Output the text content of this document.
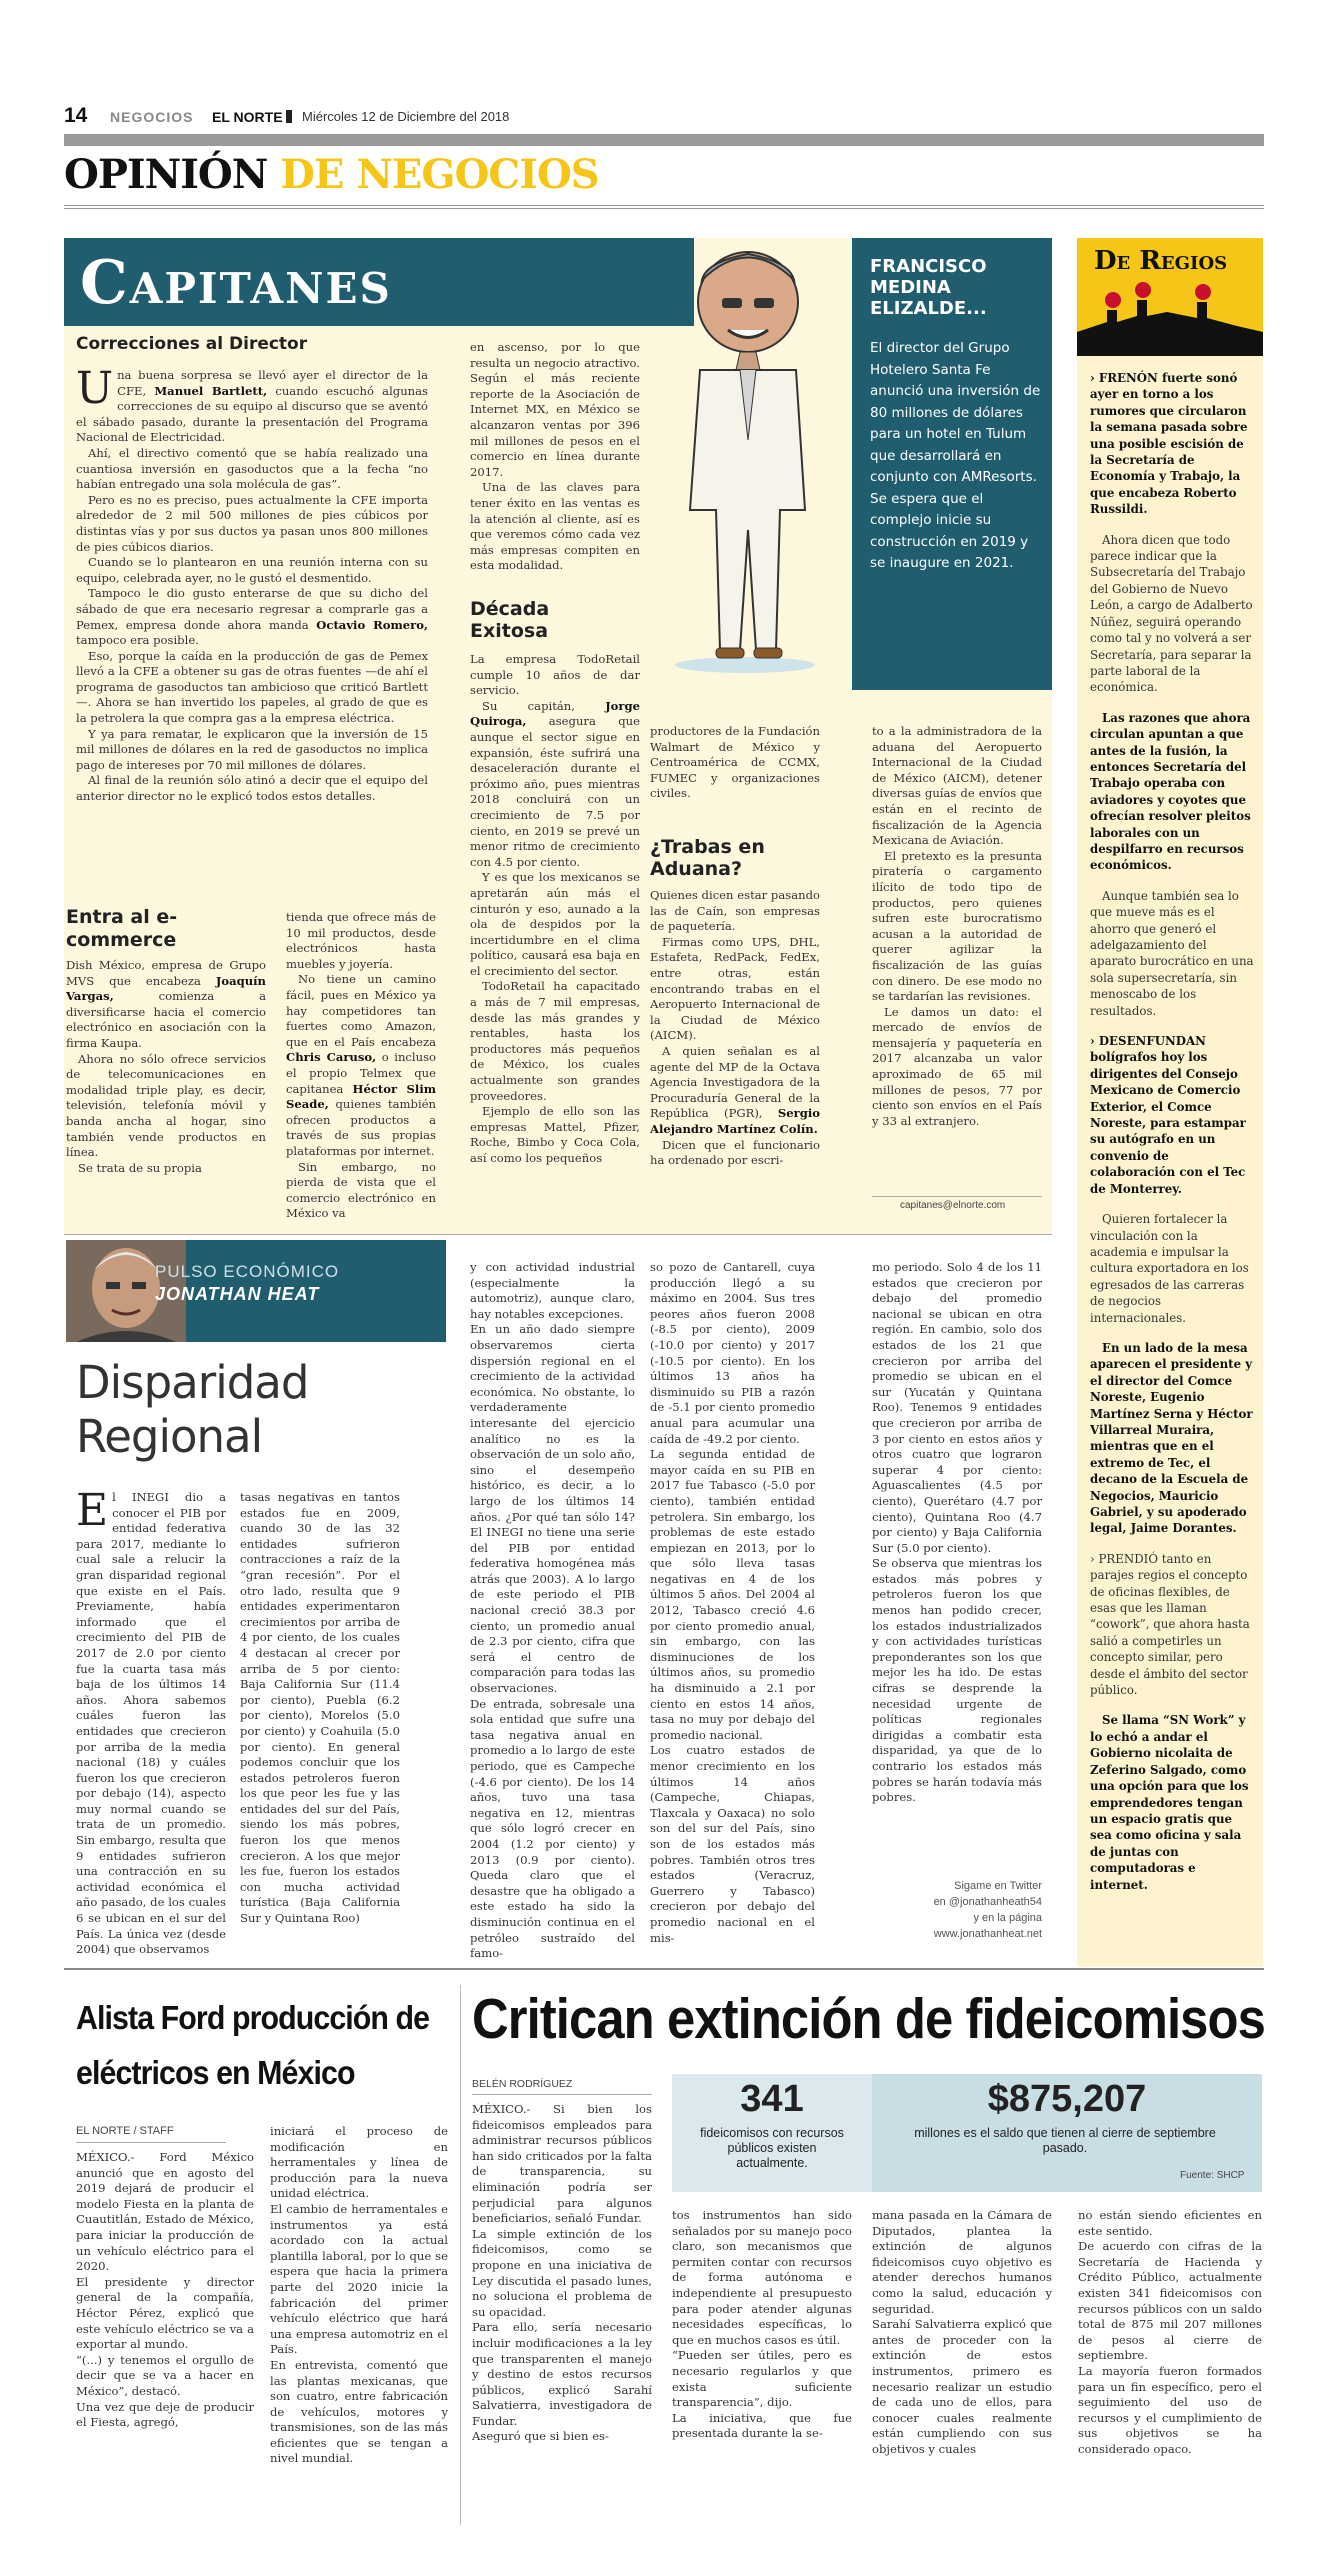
14 NEGOCIOS EL NORTE Miércoles 12 de Diciembre del 2018
OPINIÓN DE NEGOCIOS
Capitanes
Correcciones al Director

Una buena sorpresa se llevó ayer el director de la CFE, Manuel Bartlett, cuando escuchó algunas correcciones de su equipo al discurso que se aventó el sábado pasado, durante la presentación del Programa Nacional de Electricidad.

Ahí, el directivo comentó que se había realizado una cuantiosa inversión en gasoductos que a la fecha “no habían entregado una sola molécula de gas”.

Pero es no es preciso, pues actualmente la CFE importa alrededor de 2 mil 500 millones de pies cúbicos por distintas vías y por sus ductos ya pasan unos 800 millones de pies cúbicos diarios.

Cuando se lo plantearon en una reunión interna con su equipo, celebrada ayer, no le gustó el desmentido.

Tampoco le dio gusto enterarse de que su dicho del sábado de que era necesario regresar a comprarle gas a Pemex, empresa donde ahora manda Octavio Romero, tampoco era posible.

Eso, porque la caída en la producción de gas de Pemex llevó a la CFE a obtener su gas de otras fuentes —de ahí el programa de gasoductos tan ambicioso que criticó Bartlett—. Ahora se han invertido los papeles, al grado de que es la petrolera la que compra gas a la empresa eléctrica.

Y ya para rematar, le explicaron que la inversión de 15 mil millones de dólares en la red de gasoductos no implica pago de intereses por 70 mil millones de dólares.

Al final de la reunión sólo atinó a decir que el equipo del anterior director no le explicó todos estos detalles.

Entra al e-commerce

Dish México, empresa de Grupo MVS que encabeza Joaquín Vargas, comienza a diversificarse hacia el comercio electrónico en asociación con la firma Kaupa.

Ahora no sólo ofrece servicios de telecomunicaciones en modalidad triple play, es decir, televisión, telefonía móvil y banda ancha al hogar, sino también vende productos en línea.

Se trata de su propia

tienda que ofrece más de 10 mil productos, desde electrónicos hasta muebles y joyería.

No tiene un camino fácil, pues en México ya hay competidores tan fuertes como Amazon, que en el País encabeza Chris Caruso, o incluso el propio Telmex que capitanea Héctor Slim Seade, quienes también ofrecen productos a través de sus propias plataformas por internet.

Sin embargo, no pierda de vista que el comercio electrónico en México va

en ascenso, por lo que resulta un negocio atractivo. Según el más reciente reporte de la Asociación de Internet MX, en México se alcanzaron ventas por 396 mil millones de pesos en el comercio en línea durante 2017.

Una de las claves para tener éxito en las ventas es la atención al cliente, así es que veremos cómo cada vez más empresas compiten en esta modalidad.

Década Exitosa

La empresa TodoRetail cumple 10 años de dar servicio.

Su capitán, Jorge Quiroga, asegura que aunque el sector sigue en expansión, éste sufrirá una desaceleración durante el próximo año, pues mientras 2018 concluirá con un crecimiento de 7.5 por ciento, en 2019 se prevé un menor ritmo de crecimiento con 4.5 por ciento.

Y es que los mexicanos se apretarán aún más el cinturón y eso, aunado a la ola de despidos por la incertidumbre en el clima político, causará esa baja en el crecimiento del sector.

TodoRetail ha capacitado a más de 7 mil empresas, desde las más grandes y rentables, hasta los productores más pequeños de México, los cuales actualmente son grandes proveedores.

Ejemplo de ello son las empresas Mattel, Pfizer, Roche, Bimbo y Coca Cola, así como los pequeños

productores de la Fundación Walmart de México y Centroamérica de CCMX, FUMEC y organizaciones civiles.

¿Trabas en Aduana?

Quienes dicen estar pasando las de Caín, son empresas de paquetería.

Firmas como UPS, DHL, Estafeta, RedPack, FedEx, entre otras, están encontrando trabas en el Aeropuerto Internacional de la Ciudad de México (AICM).

A quien señalan es al agente del MP de la Octava Agencia Investigadora de la Procuraduría General de la República (PGR), Sergio Alejandro Martínez Colín.

Dicen que el funcionario ha ordenado por escri-

to a la administradora de la aduana del Aeropuerto Internacional de la Ciudad de México (AICM), detener diversas guías de envíos que están en el recinto de fiscalización de la Agencia Mexicana de Aviación.

El pretexto es la presunta piratería o cargamento ilícito de todo tipo de productos, pero quienes sufren este burocratismo acusan a la autoridad de querer agilizar la fiscalización de las guías con dinero. De ese modo no se tardarían las revisiones.

Le damos un dato: el mercado de envíos de mensajería y paquetería en 2017 alcanzaba un valor aproximado de 65 mil millones de pesos, 77 por ciento son envíos en el País y 33 al extranjero.

capitanes@elnorte.com
FRANCISCO MEDINA ELIZALDE...
El director del Grupo Hotelero Santa Fe anunció una inversión de 80 millones de dólares para un hotel en Tulum que desarrollará en conjunto con AMResorts. Se espera que el complejo inicie su construcción en 2019 y se inaugure en 2021.
De Regios

› FRENÓN fuerte sonó ayer en torno a los rumores que circularon la semana pasada sobre una posible escisión de la Secretaría de Economía y Trabajo, la que encabeza Roberto Russildi.

Ahora dicen que todo parece indicar que la Subsecretaría del Trabajo del Gobierno de Nuevo León, a cargo de Adalberto Núñez, seguirá operando como tal y no volverá a ser Secretaría, para separar la parte laboral de la económica.

Las razones que ahora circulan apuntan a que antes de la fusión, la entonces Secretaría del Trabajo operaba con aviadores y coyotes que ofrecían resolver pleitos laborales con un despilfarro en recursos económicos.

Aunque también sea lo que mueve más es el ahorro que generó el adelgazamiento del aparato burocrático en una sola supersecretaría, sin menoscabo de los resultados.

› DESENFUNDAN bolígrafos hoy los dirigentes del Consejo Mexicano de Comercio Exterior, el Comce Noreste, para estampar su autógrafo en un convenio de colaboración con el Tec de Monterrey.

Quieren fortalecer la vinculación con la academia e impulsar la cultura exportadora en los egresados de las carreras de negocios internacionales.

En un lado de la mesa aparecen el presidente y el director del Comce Noreste, Eugenio Martínez Serna y Héctor Villarreal Muraira, mientras que en el extremo de Tec, el decano de la Escuela de Negocios, Mauricio Gabriel, y su apoderado legal, Jaime Dorantes.

› PRENDIÓ tanto en parajes regios el concepto de oficinas flexibles, de esas que les llaman “cowork”, que ahora hasta salió a competirles un concepto similar, pero desde el ámbito del sector público.

Se llama “SN Work” y lo echó a andar el Gobierno nicolaita de Zeferino Salgado, como una opción para que los emprendedores tengan un espacio gratis que sea como oficina y sala de juntas con computadoras e internet.

PULSO ECONÓMICO
JONATHAN HEAT
Disparidad Regional

El INEGI dio a conocer el PIB por entidad federativa para 2017, mediante lo cual sale a relucir la gran disparidad regional que existe en el País. Previamente, había informado que el crecimiento del PIB de 2017 de 2.0 por ciento fue la cuarta tasa más baja de los últimos 14 años. Ahora sabemos cuáles fueron las entidades que crecieron por arriba de la media nacional (18) y cuáles fueron los que crecieron por debajo (14), aspecto muy normal cuando se trata de un promedio. Sin embargo, resulta que 9 entidades sufrieron una contracción en su actividad económica el año pasado, de los cuales 6 se ubican en el sur del País. La única vez (desde 2004) que observamos

tasas negativas en tantos estados fue en 2009, cuando 30 de las 32 entidades sufrieron contracciones a raíz de la “gran recesión”. Por el otro lado, resulta que 9 entidades experimentaron crecimientos por arriba de 4 por ciento, de los cuales 4 destacan al crecer por arriba de 5 por ciento: Baja California Sur (11.4 por ciento), Puebla (6.2 por ciento), Morelos (5.0 por ciento) y Coahuila (5.0 por ciento). En general podemos concluir que los estados petroleros fueron los que peor les fue y las entidades del sur del País, siendo los más pobres, fueron los que menos crecieron. A los que mejor les fue, fueron los estados con mucha actividad turística (Baja California Sur y Quintana Roo)

y con actividad industrial (especialmente la automotriz), aunque claro, hay notables excepciones.
En un año dado siempre observaremos cierta dispersión regional en el crecimiento de la actividad económica. No obstante, lo verdaderamente interesante del ejercicio analítico no es la observación de un solo año, sino el desempeño histórico, es decir, a lo largo de los últimos 14 años. ¿Por qué tan sólo 14? El INEGI no tiene una serie del PIB por entidad federativa homogénea más atrás que 2003). A lo largo de este periodo el PIB nacional creció 38.3 por ciento, un promedio anual de 2.3 por ciento, cifra que será el centro de comparación para todas las observaciones.
De entrada, sobresale una sola entidad que sufre una tasa negativa anual en promedio a lo largo de este periodo, que es Campeche (-4.6 por ciento). De los 14 años, tuvo una tasa negativa en 12, mientras que sólo logró crecer en 2004 (1.2 por ciento) y 2013 (0.9 por ciento). Queda claro que el desastre que ha obligado a este estado ha sido la disminución continua en el petróleo sustraído del famo-

so pozo de Cantarell, cuya producción llegó a su máximo en 2004. Sus tres peores años fueron 2008 (-8.5 por ciento), 2009 (-10.0 por ciento) y 2017 (-10.5 por ciento). En los últimos 13 años ha disminuido su PIB a razón de -5.1 por ciento promedio anual para acumular una caída de -49.2 por ciento.
La segunda entidad de mayor caída en su PIB en 2017 fue Tabasco (-5.0 por ciento), también entidad petrolera. Sin embargo, los problemas de este estado empiezan en 2013, por lo que sólo lleva tasas negativas en 4 de los últimos 5 años. Del 2004 al 2012, Tabasco creció 4.6 por ciento promedio anual, sin embargo, con las disminuciones de los últimos años, su promedio ha disminuido a 2.1 por ciento en estos 14 años, tasa no muy por debajo del promedio nacional.
Los cuatro estados de menor crecimiento en los últimos 14 años (Campeche, Chiapas, Tlaxcala y Oaxaca) no solo son del sur del País, sino son de los estados más pobres. También otros tres estados (Veracruz, Guerrero y Tabasco) crecieron por debajo del promedio nacional en el mis-

mo periodo. Solo 4 de los 11 estados que crecieron por debajo del promedio nacional se ubican en otra región. En cambio, solo dos estados de los 21 que crecieron por arriba del promedio se ubican en el sur (Yucatán y Quintana Roo). Tenemos 9 entidades que crecieron por arriba de 3 por ciento en estos años y otros cuatro que lograron superar 4 por ciento: Aguascalientes (4.5 por ciento), Querétaro (4.7 por ciento), Quintana Roo (4.7 por ciento) y Baja California Sur (5.0 por ciento).
Se observa que mientras los estados más pobres y petroleros fueron los que menos han podido crecer, los estados industrializados y con actividades turísticas preponderantes son los que mejor les ha ido. De estas cifras se desprende la necesidad urgente de políticas regionales dirigidas a combatir esta disparidad, ya que de lo contrario los estados más pobres se harán todavía más pobres.

Sigame en Twitter
en @jonathanheath54
y en la página
www.jonathanheat.net
Alista Ford producción de eléctricos en México
EL NORTE / STAFF

MÉXICO.- Ford México anunció que en agosto del 2019 dejará de producir el modelo Fiesta en la planta de Cuautitlán, Estado de México, para iniciar la producción de un vehículo eléctrico para el 2020.
El presidente y director general de la compañía, Héctor Pérez, explicó que este vehículo eléctrico se va a exportar al mundo.
“(...) y tenemos el orgullo de decir que se va a hacer en México”, destacó.
Una vez que deje de producir el Fiesta, agregó,

iniciará el proceso de modificación en herramentales y línea de producción para la nueva unidad eléctrica.
El cambio de herramentales e instrumentos ya está acordado con la actual plantilla laboral, por lo que se espera que hacia la primera parte del 2020 inicie la fabricación del primer vehículo eléctrico que hará una empresa automotriz en el País.
En entrevista, comentó que las plantas mexicanas, que son cuatro, entre fabricación de vehículos, motores y transmisiones, son de las más eficientes que se tengan a nivel mundial.

Critican extinción de fideicomisos
BELÉN RODRÍGUEZ	341
fideicomisos con recursos públicos existen actualmente.
$875,207
millones es el saldo que tienen al cierre de septiembre pasado.
Fuente: SHCP

MÉXICO.- Si bien los fideicomisos empleados para administrar recursos públicos han sido criticados por la falta de transparencia, su eliminación podría ser perjudicial para algunos beneficiarios, señaló Fundar.
La simple extinción de los fideicomisos, como se propone en una iniciativa de Ley discutida el pasado lunes, no soluciona el problema de su opacidad.
Para ello, sería necesario incluir modificaciones a la ley que transparenten el manejo y destino de estos recursos públicos, explicó Sarahí Salvatierra, investigadora de Fundar.
Aseguró que si bien es-

tos instrumentos han sido señalados por su manejo poco claro, son mecanismos que permiten contar con recursos de forma autónoma e independiente al presupuesto para poder atender algunas necesidades específicas, lo que en muchos casos es útil.
“Pueden ser útiles, pero es necesario regularlos y que exista suficiente transparencia”, dijo.
La iniciativa, que fue presentada durante la se-

mana pasada en la Cámara de Diputados, plantea la extinción de algunos fideicomisos cuyo objetivo es atender derechos humanos como la salud, educación y seguridad.
Sarahí Salvatierra explicó que antes de proceder con la extinción de estos instrumentos, primero es necesario realizar un estudio de cada uno de ellos, para conocer cuales realmente están cumpliendo con sus objetivos y cuales

no están siendo eficientes en este sentido.
De acuerdo con cifras de la Secretaría de Hacienda y Crédito Público, actualmente existen 341 fideicomisos con recursos públicos con un saldo total de 875 mil 207 millones de pesos al cierre de septiembre.
La mayoría fueron formados para un fin específico, pero el seguimiento del uso de recursos y el cumplimiento de sus objetivos se ha considerado opaco.
